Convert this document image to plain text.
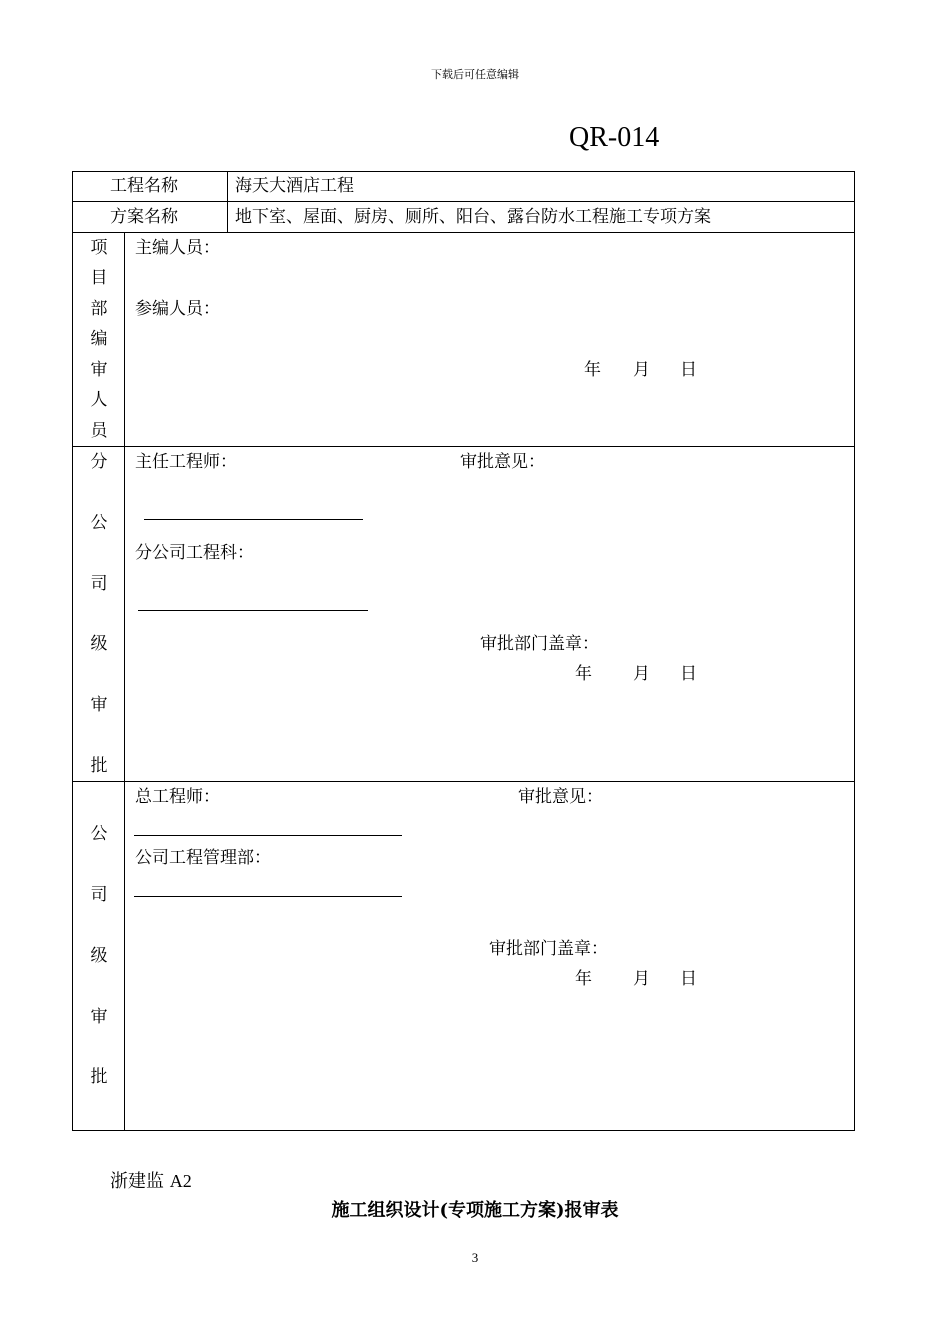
下载后可任意编辑
QR-014
工程名称	海天大酒店工程
方案名称	地下室、屋面、厨房、厕所、阳台、露台防水工程施工专项方案
项
目
部
编
审
人
员
主编人员：
参编人员：
年 月 日
分
公
司
级
审
批
主任工程师：	审批意见：
分公司工程科：
审批部门盖章：
年 月 日
公
司
级
审
批
总工程师：	审批意见：
公司工程管理部：
审批部门盖章：
年 月 日
浙建监 A2
施工组织设计(专项施工方案)报审表
3
